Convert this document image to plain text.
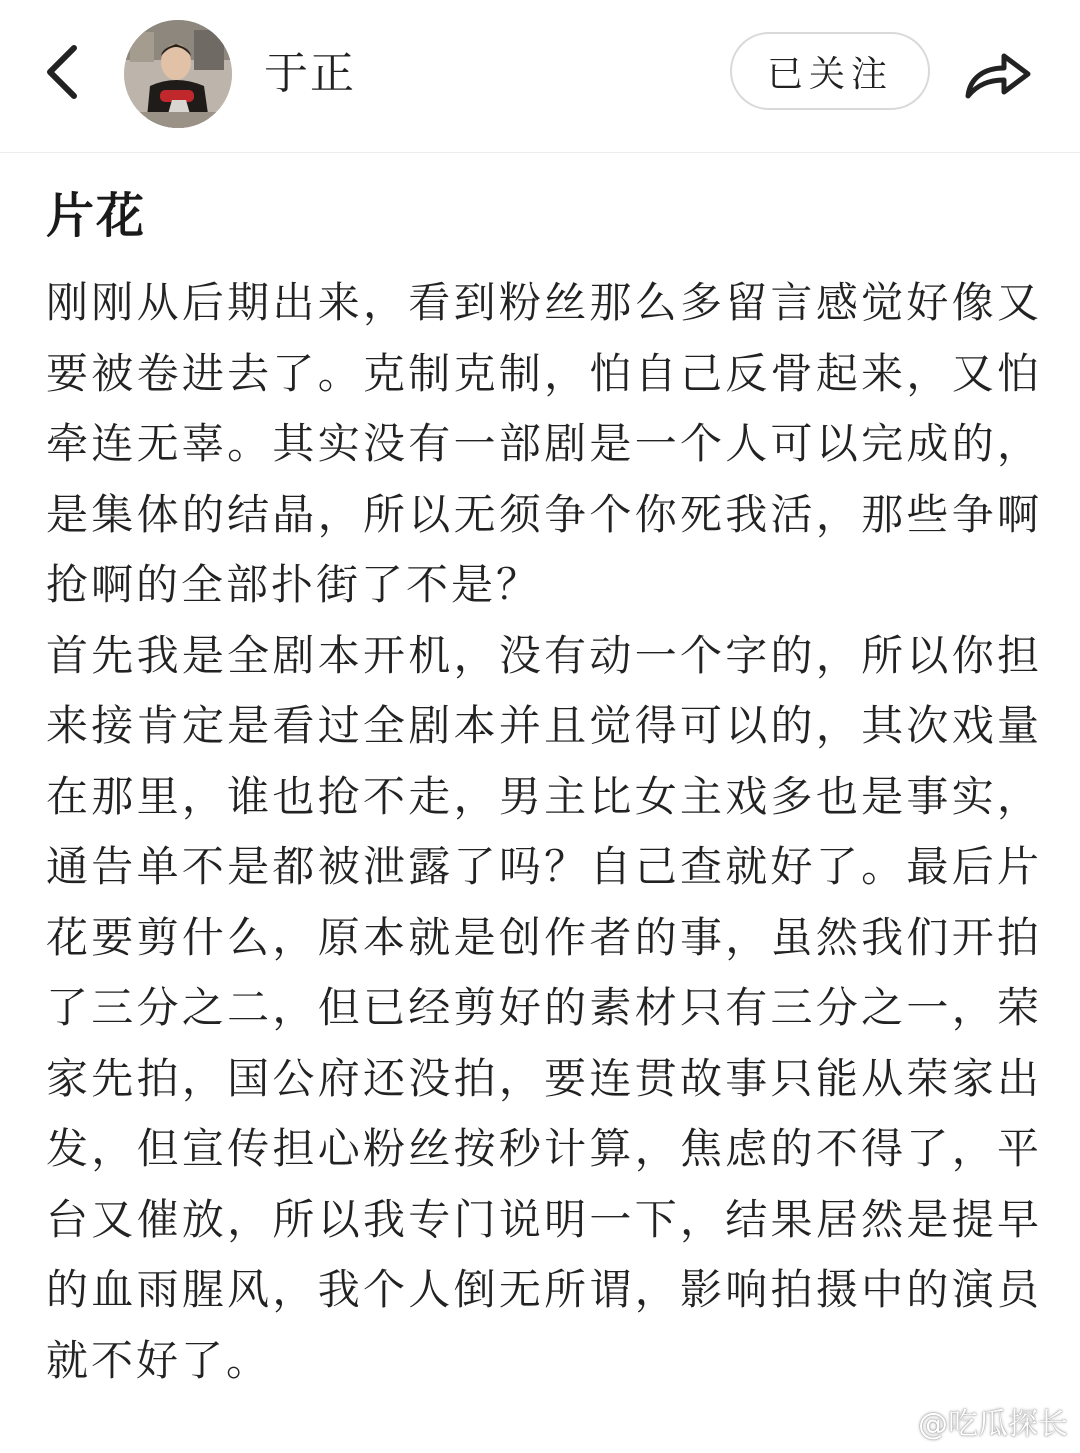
于正	已关注
片花

刚刚从后期出来，看到粉丝那么多留言感觉好像又要被卷进去了。克制克制，怕自己反骨起来，又怕牵连无辜。其实没有一部剧是一个人可以完成的，是集体的结晶，所以无须争个你死我活，那些争啊抢啊的全部扑街了不是？
首先我是全剧本开机，没有动一个字的，所以你担来接肯定是看过全剧本并且觉得可以的，其次戏量在那里，谁也抢不走，男主比女主戏多也是事实，通告单不是都被泄露了吗？自己查就好了。最后片花要剪什么，原本就是创作者的事，虽然我们开拍了三分之二，但已经剪好的素材只有三分之一，荣家先拍，国公府还没拍，要连贯故事只能从荣家出发，但宣传担心粉丝按秒计算，焦虑的不得了，平台又催放，所以我专门说明一下，结果居然是提早的血雨腥风，我个人倒无所谓，影响拍摄中的演员就不好了。

@吃瓜探长
